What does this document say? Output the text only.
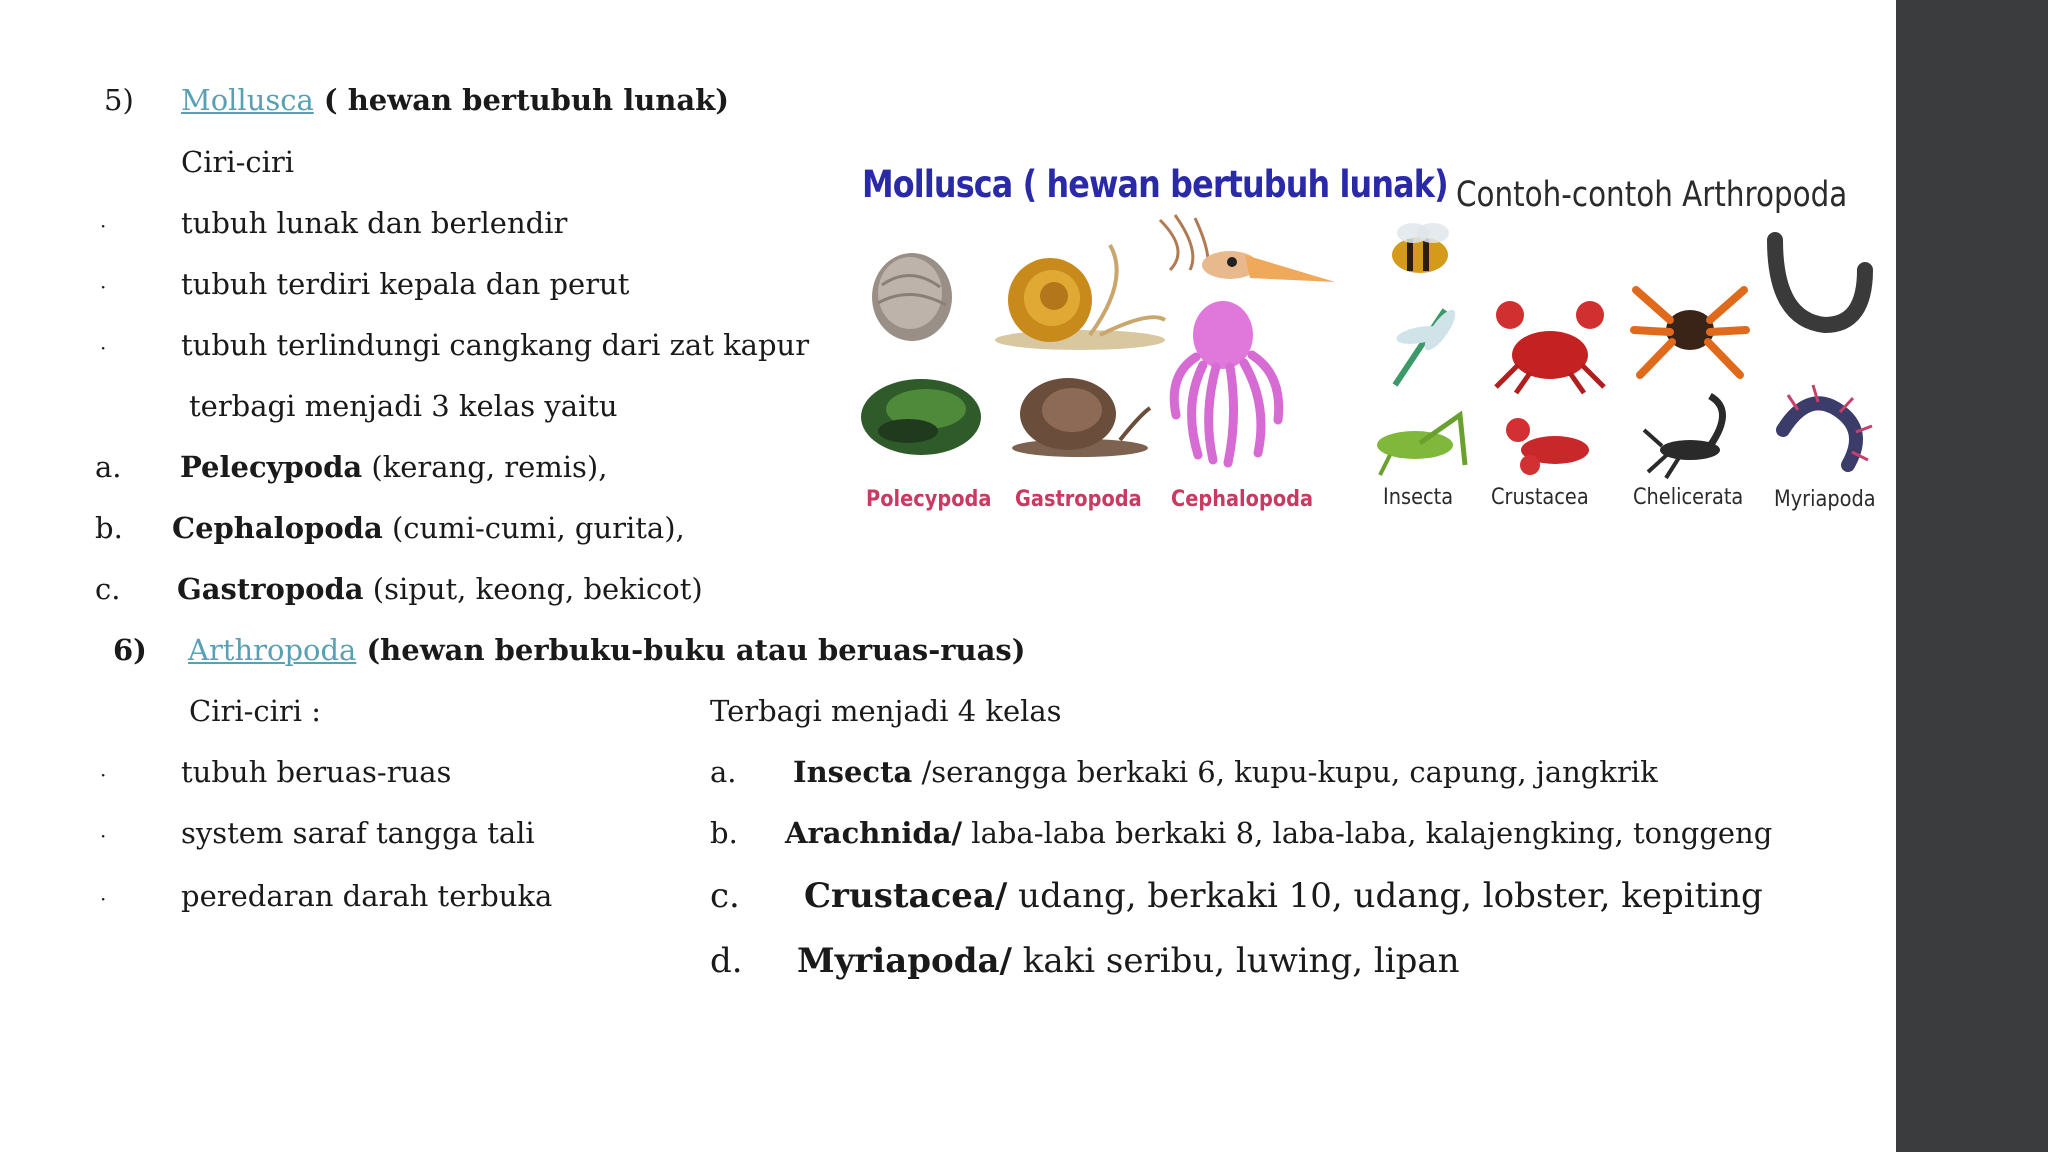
5) Mollusca ( hewan bertubuh lunak)
Ciri-ciri
·	tubuh lunak dan berlendir
·	tubuh terdiri kepala dan perut
·	tubuh terlindungi cangkang dari zat kapur
terbagi menjadi 3 kelas yaitu
a. Pelecypoda (kerang, remis),
b. Cephalopoda (cumi-cumi, gurita),
c. Gastropoda (siput, keong, bekicot)
6) Arthropoda (hewan berbuku-buku atau beruas-ruas)
Ciri-ciri :
·	tubuh beruas-ruas
·	system saraf tangga tali
·	peredaran darah terbuka
Terbagi menjadi 4 kelas
a. Insecta /serangga berkaki 6, kupu-kupu, capung, jangkrik
b. Arachnida/ laba-laba berkaki 8, laba-laba, kalajengking, tonggeng
c. Crustacea/ udang, berkaki 10, udang, lobster, kepiting
d. Myriapoda/ kaki seribu, luwing, lipan
Mollusca ( hewan bertubuh lunak) Contoh-contoh Arthropoda
Polecypoda Gastropoda Cephalopoda	Insecta Crustacea Chelicerata Myriapoda
